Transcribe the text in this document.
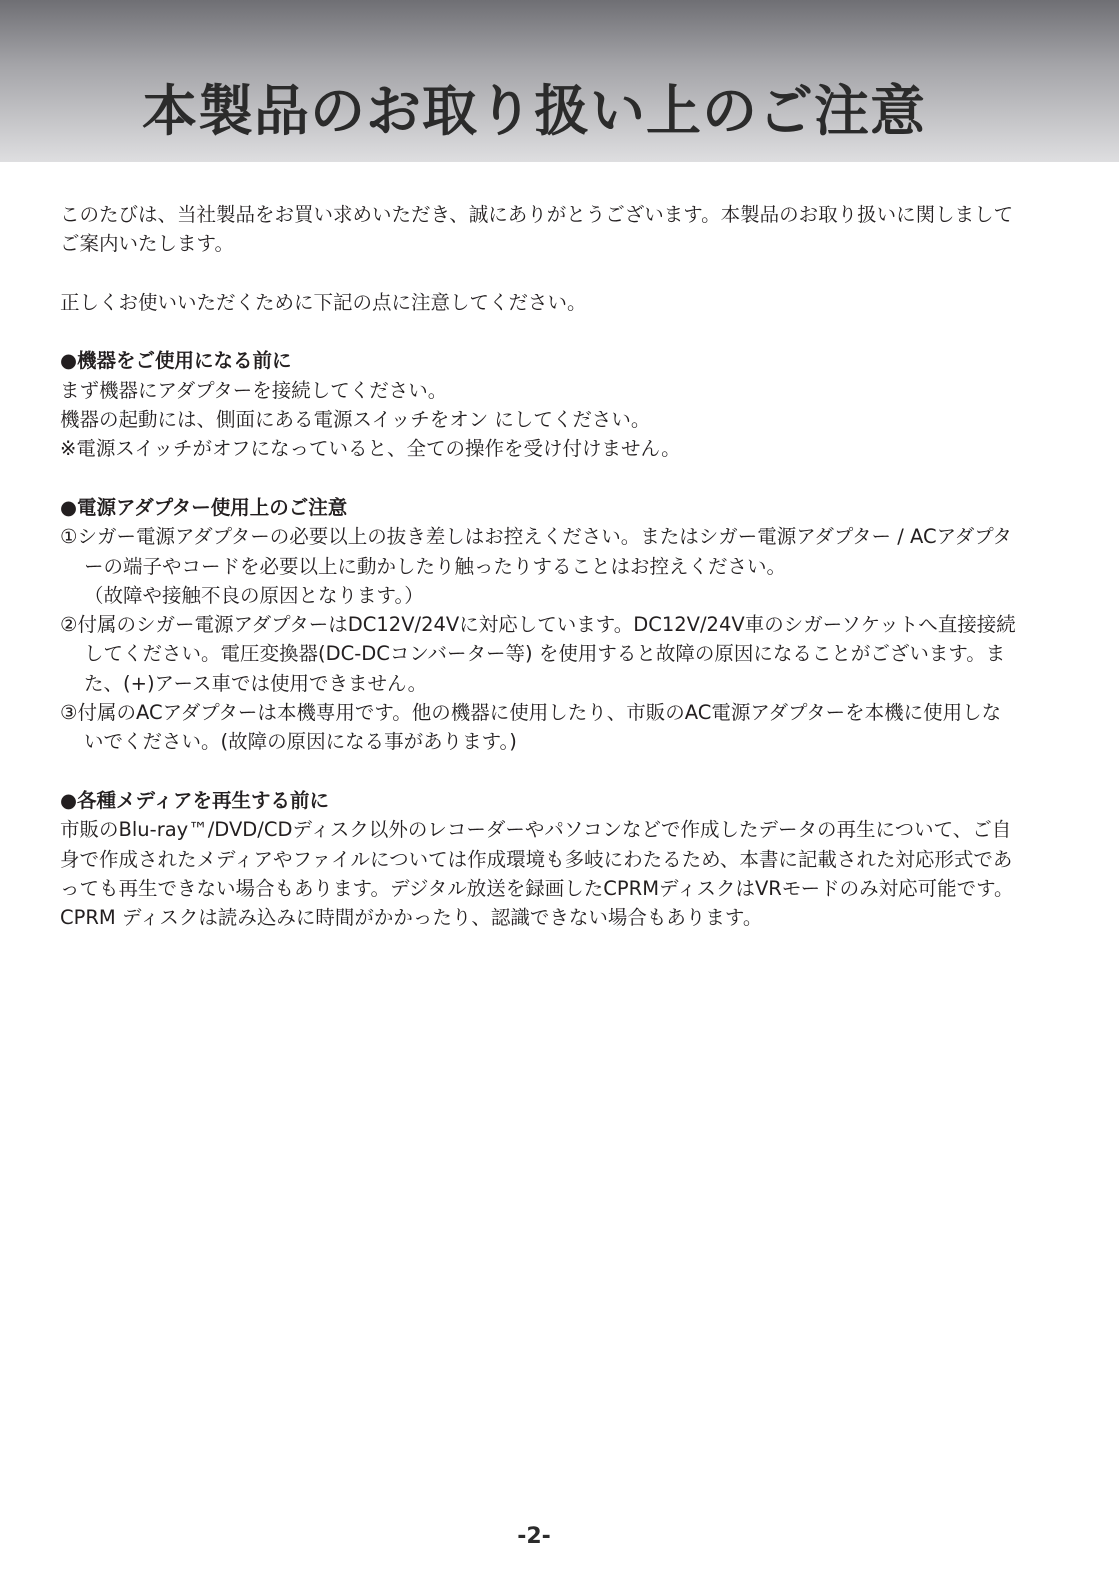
本製品のお取り扱い上のご注意

このたびは、当社製品をお買い求めいただき、誠にありがとうございます。本製品のお取り扱いに関しましてご案内いたします。

正しくお使いいただくために下記の点に注意してください。

●機器をご使用になる前に

まず機器にアダプターを接続してください。

機器の起動には、側面にある電源スイッチをオン にしてください。

※電源スイッチがオフになっていると、全ての操作を受け付けません。

●電源アダプター使用上のご注意

①シガー電源アダプターの必要以上の抜き差しはお控えください。またはシガー電源アダプター / ACアダプターの端子やコードを必要以上に動かしたり触ったりすることはお控えください。

（故障や接触不良の原因となります。）

②付属のシガー電源アダプターはDC12V/24Vに対応しています。DC12V/24V車のシガーソケットへ直接接続してください。電圧変換器(DC-DCコンバーター等) を使用すると故障の原因になることがございます。また、(+)アース車では使用できません。

③付属のACアダプターは本機専用です。他の機器に使用したり、市販のAC電源アダプターを本機に使用しないでください。(故障の原因になる事があります。)

●各種メディアを再生する前に

市販のBlu-ray™/DVD/CDディスク以外のレコーダーやパソコンなどで作成したデータの再生について、ご自身で作成されたメディアやファイルについては作成環境も多岐にわたるため、本書に記載された対応形式であっても再生できない場合もあります。デジタル放送を録画したCPRMディスクはVRモードのみ対応可能です。

CPRM ディスクは読み込みに時間がかかったり、認識できない場合もあります。

-2-
